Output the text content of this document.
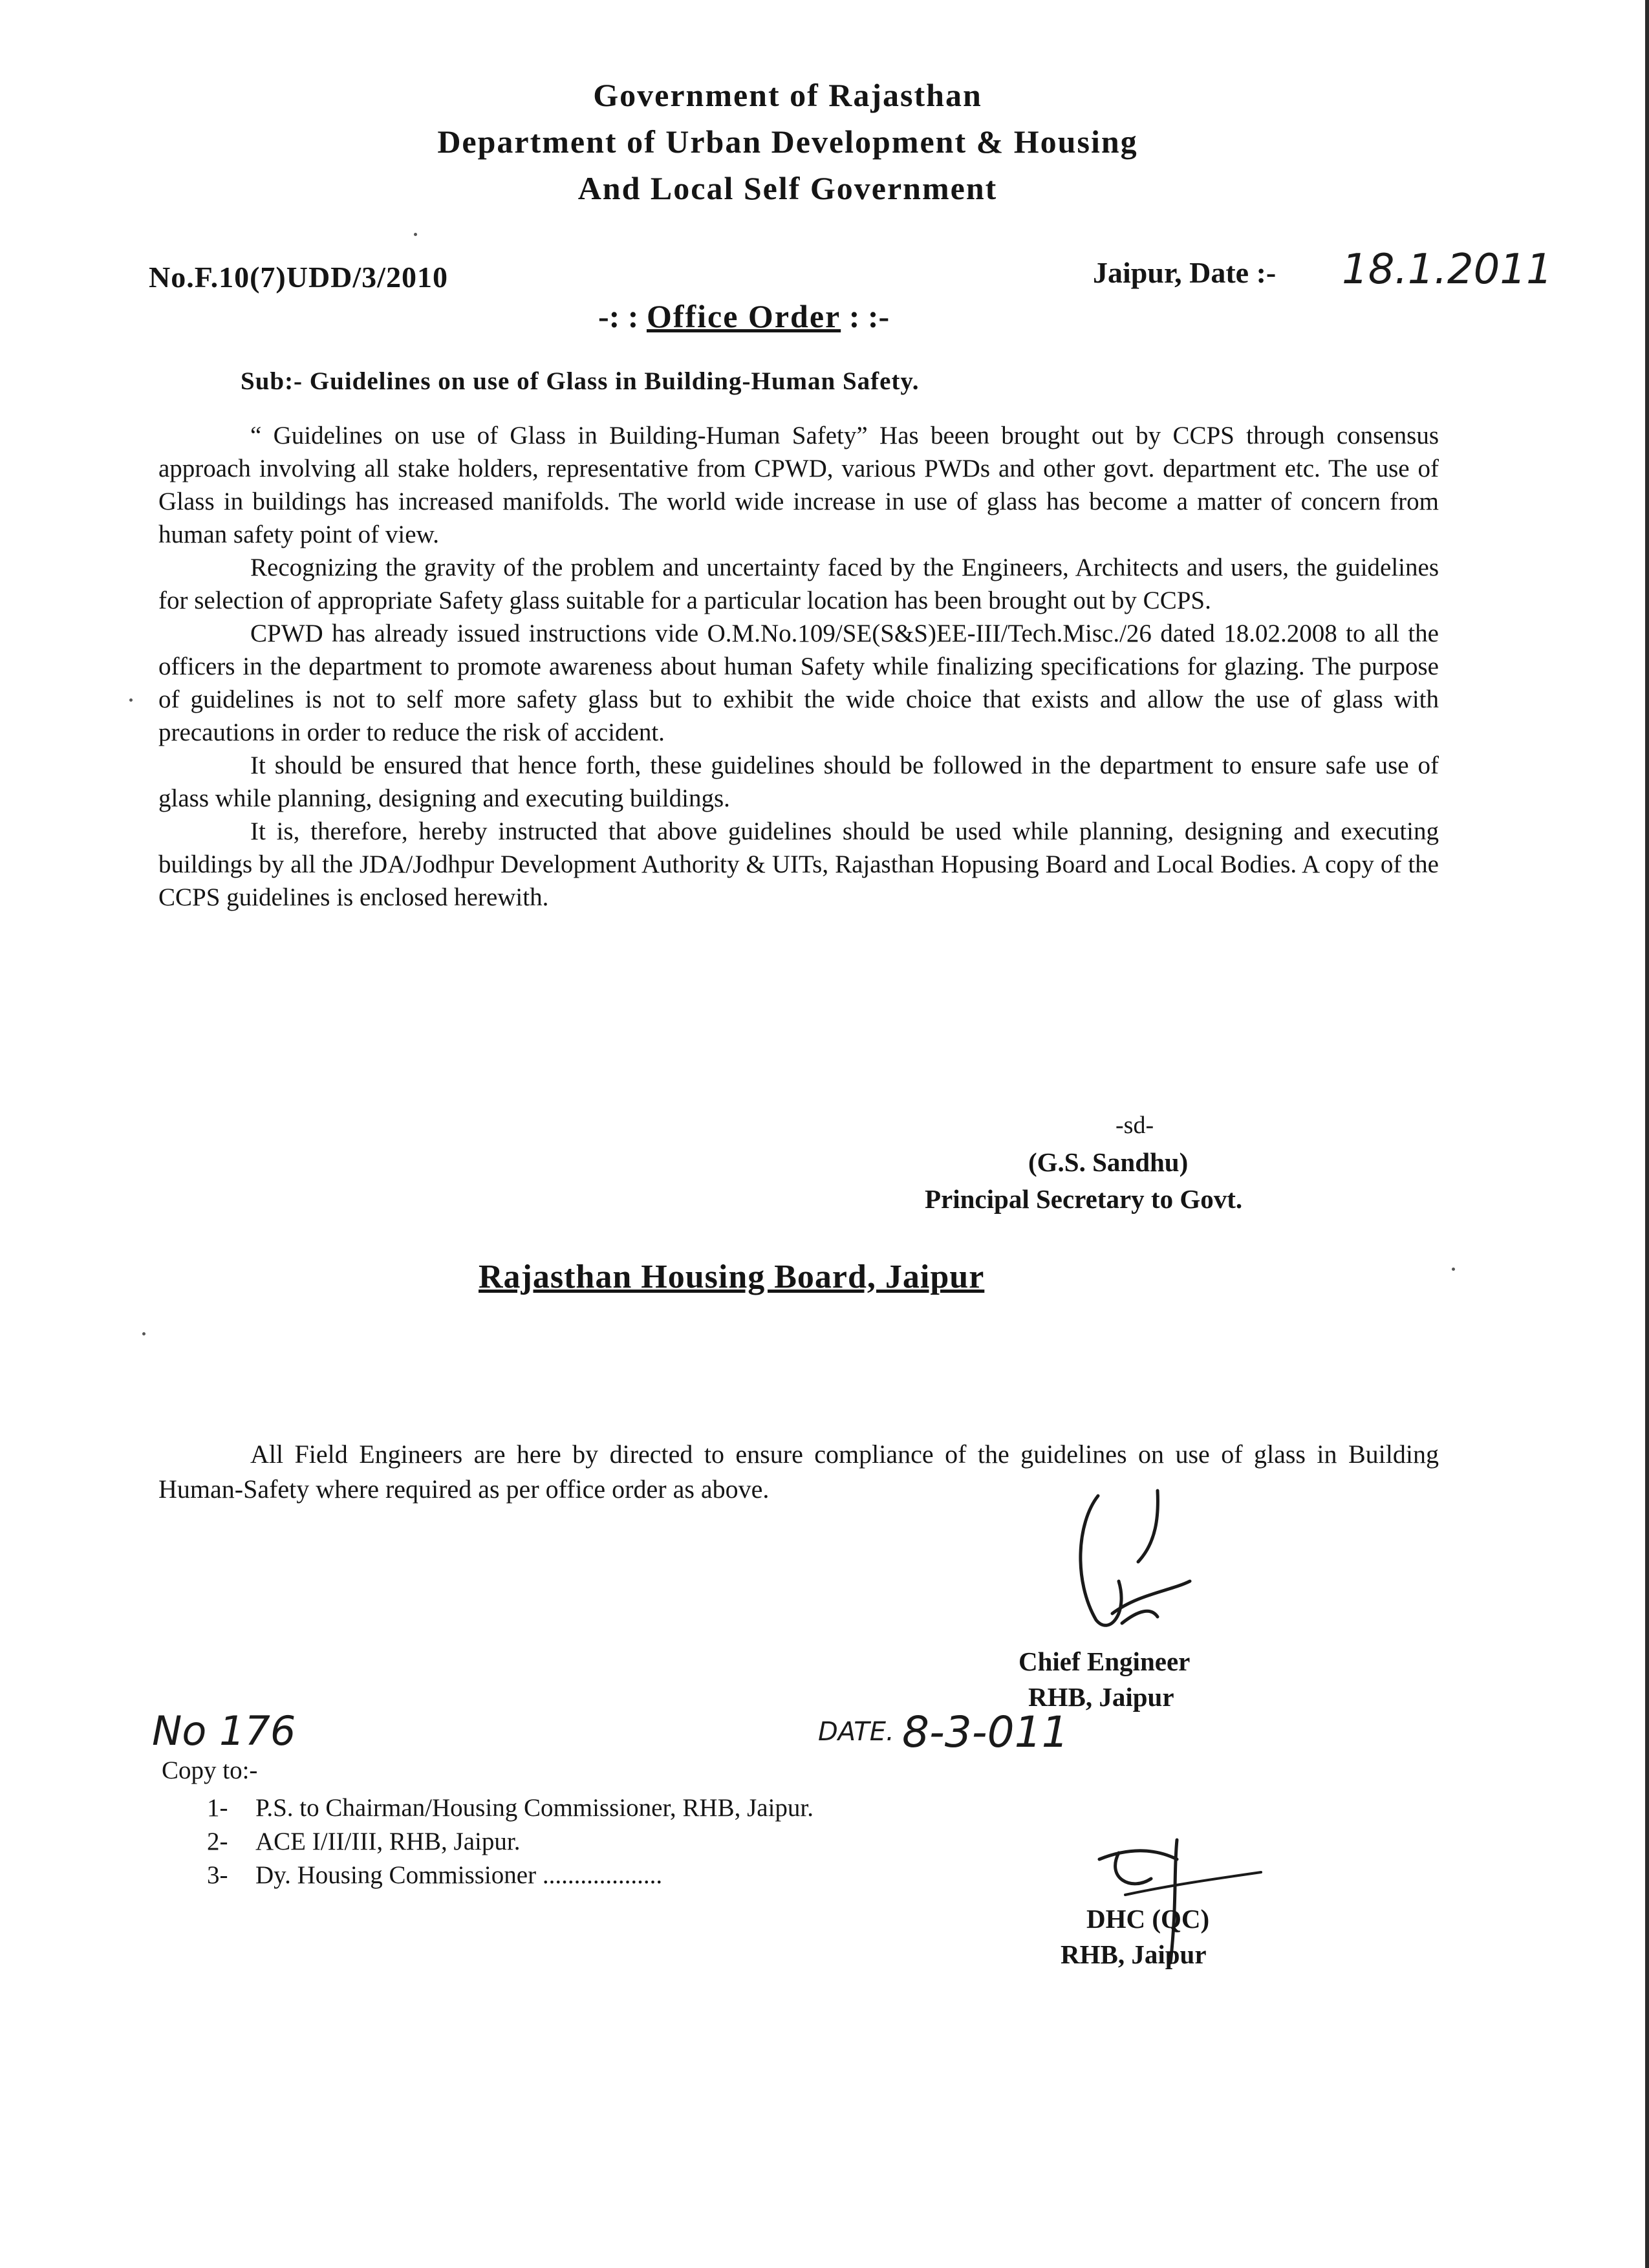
Government of Rajasthan
Department of Urban Development & Housing
And Local Self Government
No.F.10(7)UDD/3/2010	Jaipur, Date :- 18.1.2011
-: : Office Order : :-
Sub:- Guidelines on use of Glass in Building-Human Safety.

“ Guidelines on use of Glass in Building-Human Safety” Has beeen brought out by CCPS through consensus approach involving all stake holders, representative from CPWD, various PWDs and other govt. department etc. The use of Glass in buildings has increased manifolds. The world wide increase in use of glass has become a matter of concern from human safety point of view.

Recognizing the gravity of the problem and uncertainty faced by the Engineers, Architects and users, the guidelines for selection of appropriate Safety glass suitable for a particular location has been brought out by CCPS.

CPWD has already issued instructions vide O.M.No.109/SE(S&S)EE-III/Tech.Misc./26 dated 18.02.2008 to all the officers in the department to promote awareness about human Safety while finalizing specifications for glazing. The purpose of guidelines is not to self more safety glass but to exhibit the wide choice that exists and allow the use of glass with precautions in order to reduce the risk of accident.

It should be ensured that hence forth, these guidelines should be followed in the department to ensure safe use of glass while planning, designing and executing buildings.

It is, therefore, hereby instructed that above guidelines should be used while planning, designing and executing buildings by all the JDA/Jodhpur Development Authority & UITs, Rajasthan Hopusing Board and Local Bodies. A copy of the CCPS guidelines is enclosed herewith.

-sd-
(G.S. Sandhu)
Principal Secretary to Govt.
Rajasthan Housing Board, Jaipur

All Field Engineers are here by directed to ensure compliance of the guidelines on use of glass in Building Human-Safety where required as per office order as above.

Chief Engineer
RHB, Jaipur
No 176	DATE. 8-3-011
Copy to:-
1- P.S. to Chairman/Housing Commissioner, RHB, Jaipur.
2- ACE I/II/III, RHB, Jaipur.
3- Dy. Housing Commissioner ...................
DHC (QC)
RHB, Jaipur
